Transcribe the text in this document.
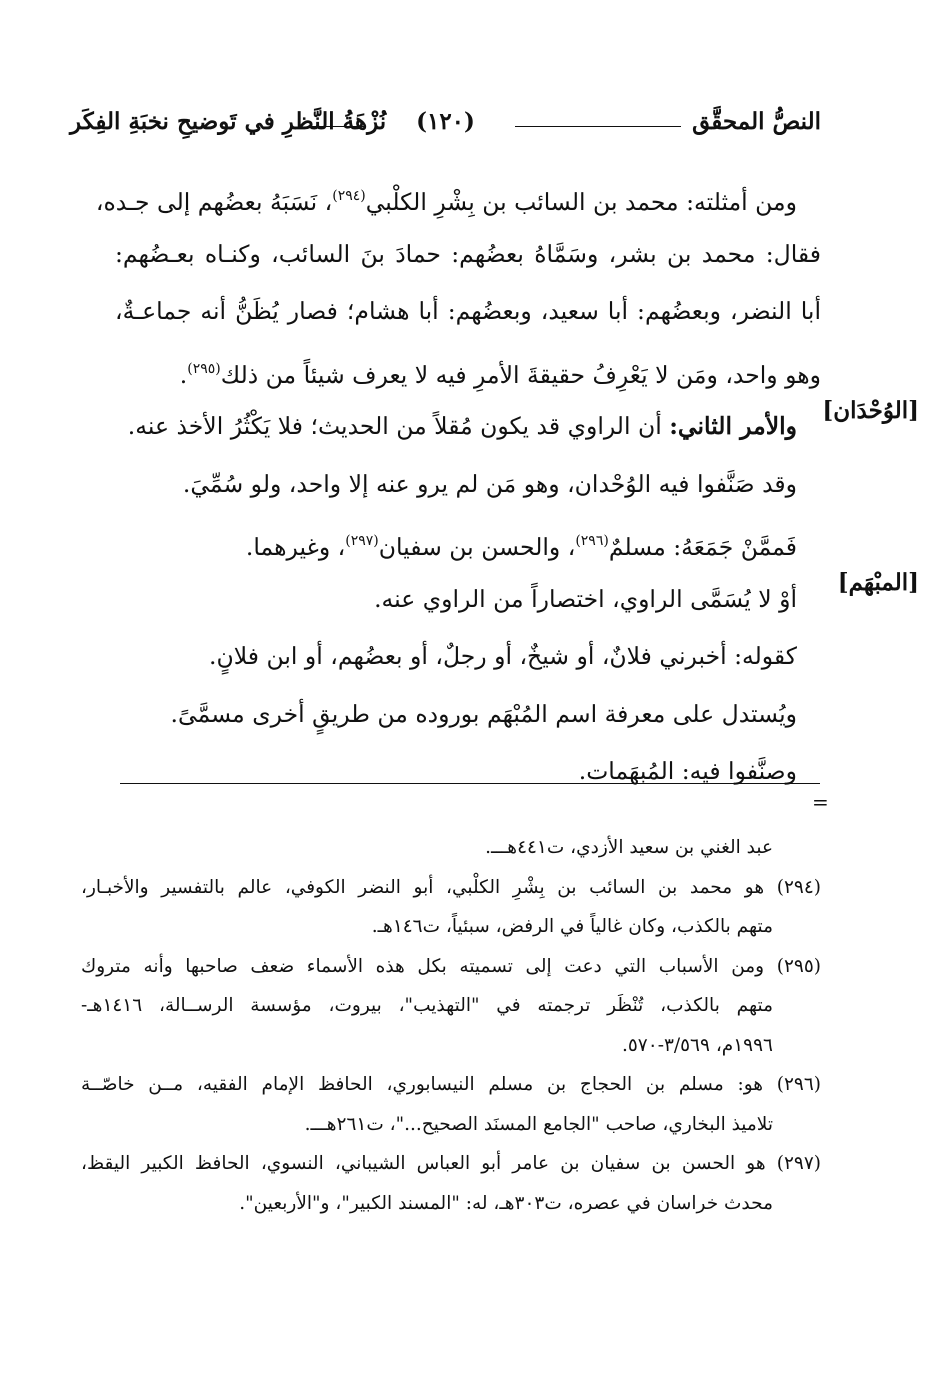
النصُّ المحقَّق
(١٢٠)
نُزْهَةُ النَّظرِ في تَوضيحِ نخبَةِ الفِكَر
[الوُحْدَان]
[المبْهَم]
ومن أمثلته: محمد بن السائب بن بِشْرِ الكلْبي$^{(٢٩٤)}$، نَسَبَهُ بعضُهم إلى جـده،
فقال: محمد بن بشر، وسَمَّاهُ بعضُهم: حمادَ بنَ السائب، وكنـاه بعـضُهم:
أبا النضر، وبعضُهم: أبا سعيد، وبعضُهم: أبا هشام؛ فصار يُظَنُّ أنه جماعـةٌ،
وهو واحد، ومَن لا يَعْرِفُ حقيقةَ الأمرِ فيه لا يعرف شيئاً من ذلك$^{(٢٩٥)}$.
والأمر الثاني: أن الراوي قد يكون مُقلاً من الحديث؛ فلا يَكْثُرُ الأخذ عنه.
وقد صَنَّفوا فيه الوُحْدان، وهو مَن لم يرو عنه إلا واحد، ولو سُمِّيَ.
فَممَّنْ جَمَعَهُ: مسلمٌ$^{(٢٩٦)}$، والحسن بن سفيان$^{(٢٩٧)}$، وغيرهما.
أوْ لا يُسَمَّى الراوي، اختصاراً من الراوي عنه.
كقوله: أخبرني فلانٌ، أو شيخٌ، أو رجلٌ، أو بعضُهم، أو ابن فلانٍ.
ويُستدل على معرفة اسم المُبْهَم بوروده من طريقٍ أخرى مسمَّىً.
وصنَّفوا فيه: المُبهَمات.
=
عبد الغني بن سعيد الأزدي، ت٤٤١هـــ.
(٢٩٤) هو محمد بن السائب بن بِشْرِ الكلْبي، أبو النضر الكوفي، عالم بالتفسير والأخبـار،
متهم بالكذب، وكان غالياً في الرفض، سبئياً، ت١٤٦هـ.
(٢٩٥) ومن الأسباب التي دعت إلى تسميته بكل هذه الأسماء ضعف صاحبها وأنه متروك
متهم بالكذب، تُنْظَر ترجمته في "التهذيب"، بيروت، مؤسسة الرســالة، ١٤١٦هـ-
١٩٩٦م، ٣/٥٦٩-٥٧٠.
(٢٩٦) هو: مسلم بن الحجاج بن مسلم النيسابوري، الحافظ الإمام الفقيه، مــن خاصّــة
تلاميذ البخاري، صاحب "الجامع المسنَد الصحيح..."، ت٢٦١هـــ.
(٢٩٧) هو الحسن بن سفيان بن عامر أبو العباس الشيباني، النسوي، الحافظ الكبير اليقظ،
محدث خراسان في عصره، ت٣٠٣هـ، له: "المسند الكبير"، و"الأربعين".
